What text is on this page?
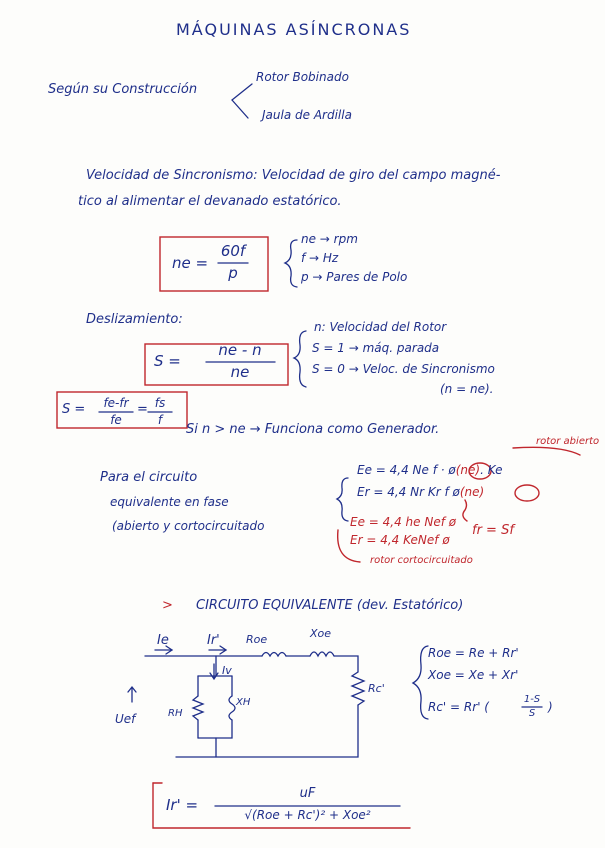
MÁQUINAS ASÍNCRONAS
Según su Construcción
Rotor Bobinado
Jaula de Ardilla
Velocidad de Sincronismo: Velocidad de giro del campo magné-
tico al alimentar el devanado estatórico.
ne =
60f
p
ne → rpm
f → Hz
p → Pares de Polo
Deslizamiento:
S =
ne - n
ne
S =	fe-fr
fe
= fs
f
n: Velocidad del Rotor
S = 1 → máq. parada
S = 0 → Veloc. de Sincronismo
(n = ne).
Si n > ne → Funciona como Generador.
Para el circuito
equivalente en fase
(abierto y cortocircuitado
rotor abierto
Ee = 4,4 Ne f · ø(ne). Ke
Er = 4,4 Nr Kr f ø(ne)
Ee = 4,4 he Nef ø
Er = 4,4 KeNef ø
fr = Sf
rotor cortocircuitado
> CIRCUITO EQUIVALENTE (dev. Estatórico)
Ie	Ir' Roe	Xoe
Iv
RH
XH
Rc'
Uef
Roe = Re + Rr'
Xoe = Xe + Xr'
Rc' = Rr' (
1-S
S	)
Ir' =
uF
√(Roe + Rc')² + Xoe²
